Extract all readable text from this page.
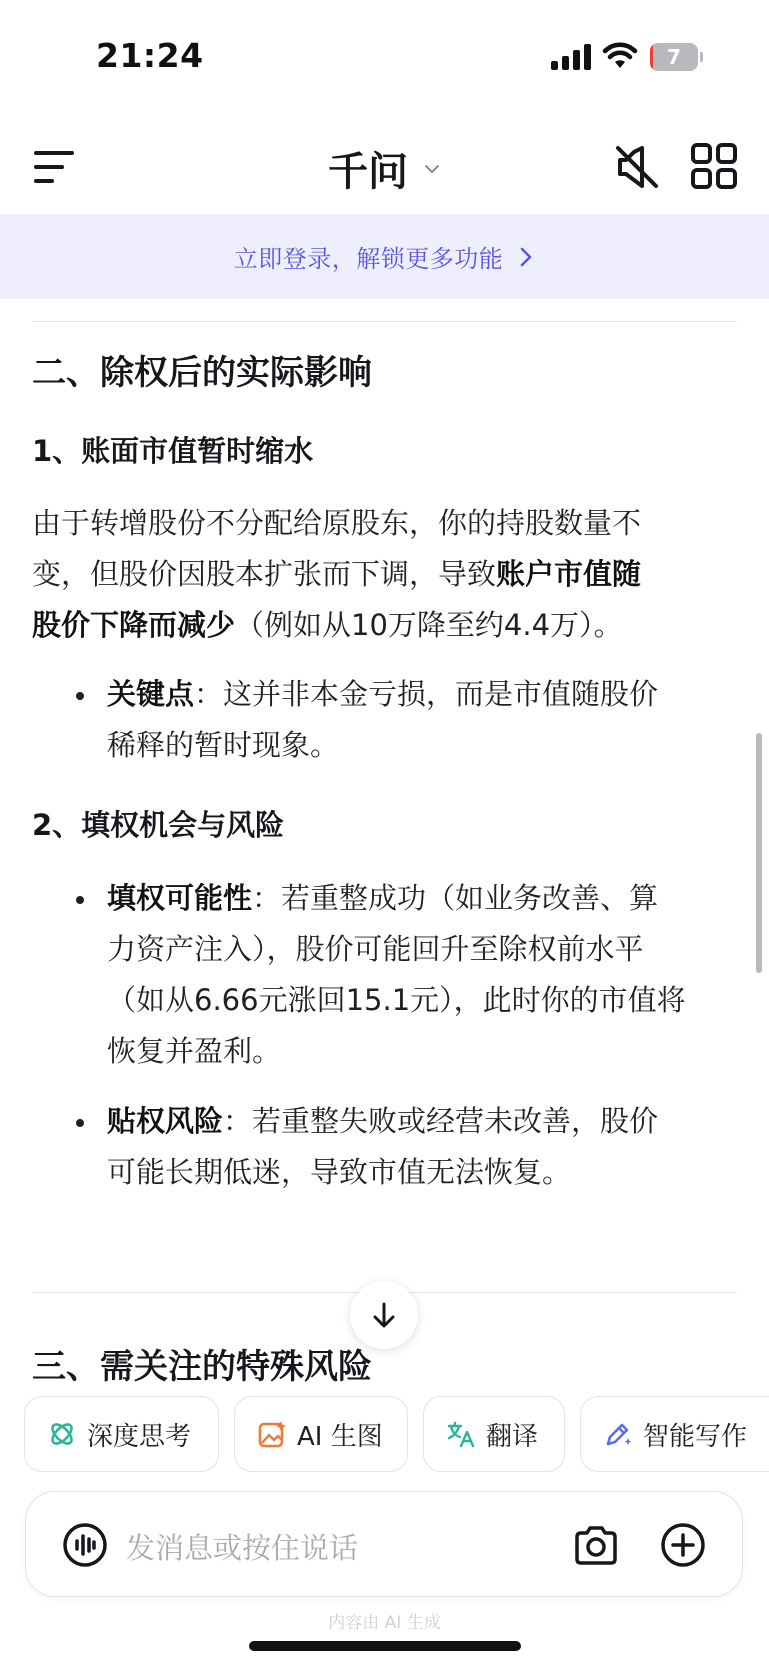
21:24	7
千问
立即登录，解锁更多功能
二、除权后的实际影响
1、账面市值暂时缩水
由于转增股份不分配给原股东，你的持股数量不
变，但股价因股本扩张而下调，导致账户市值随
股价下降而减少（例如从10万降至约4.4万）。
关键点：这并非本金亏损，而是市值随股价
稀释的暂时现象。
2、填权机会与风险
填权可能性：若重整成功（如业务改善、算
力资产注入），股价可能回升至除权前水平
（如从6.66元涨回15.1元），此时你的市值将
恢复并盈利。
贴权风险：若重整失败或经营未改善，股价
可能长期低迷，导致市值无法恢复。
三、需关注的特殊风险
深度思考	AI 生图	翻译	智能写作
发消息或按住说话
内容由 AI 生成
